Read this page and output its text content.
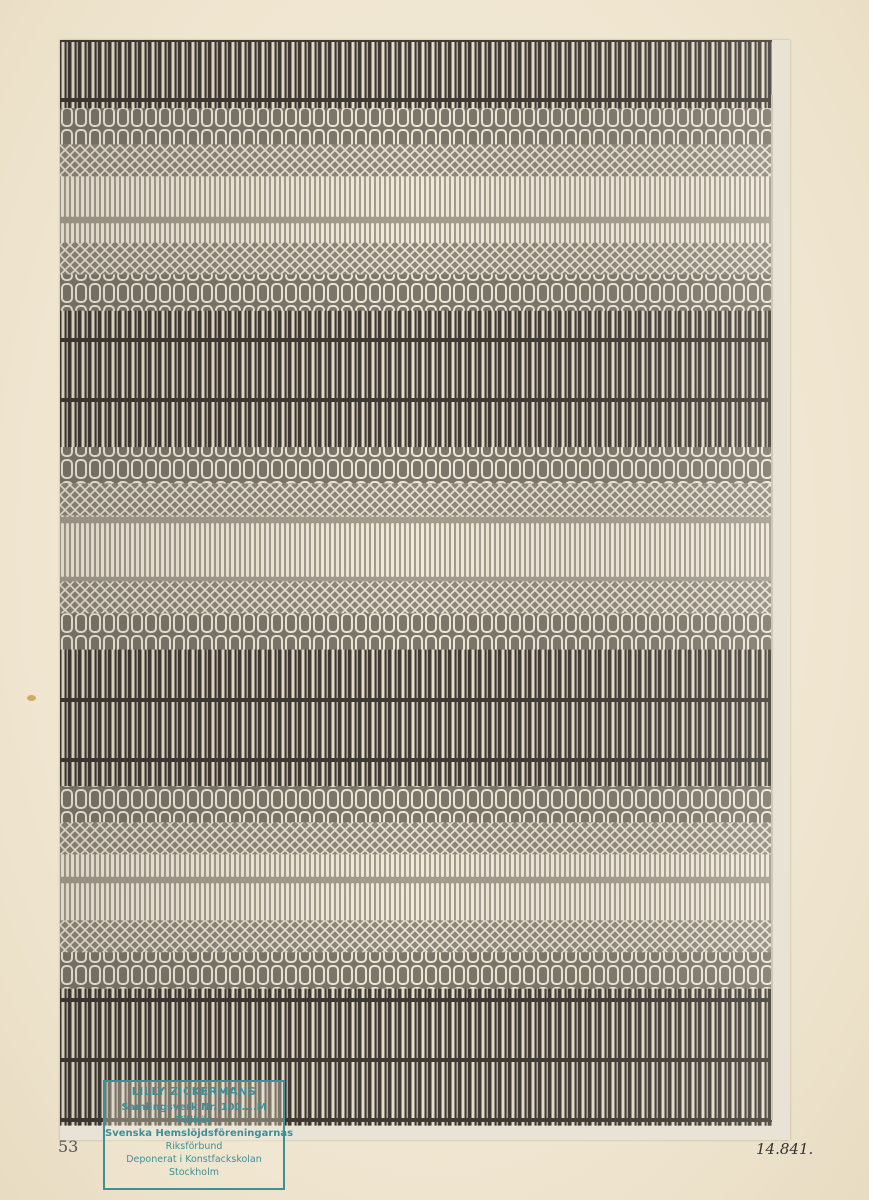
LILLY ZICKERMANS
Samlingsverk Nr..100....M
Tillhör
Svenska Hemslöjdsföreningarnas
Riksförbund
Deponerat i Konstfackskolan
Stockholm
53	14.841.
